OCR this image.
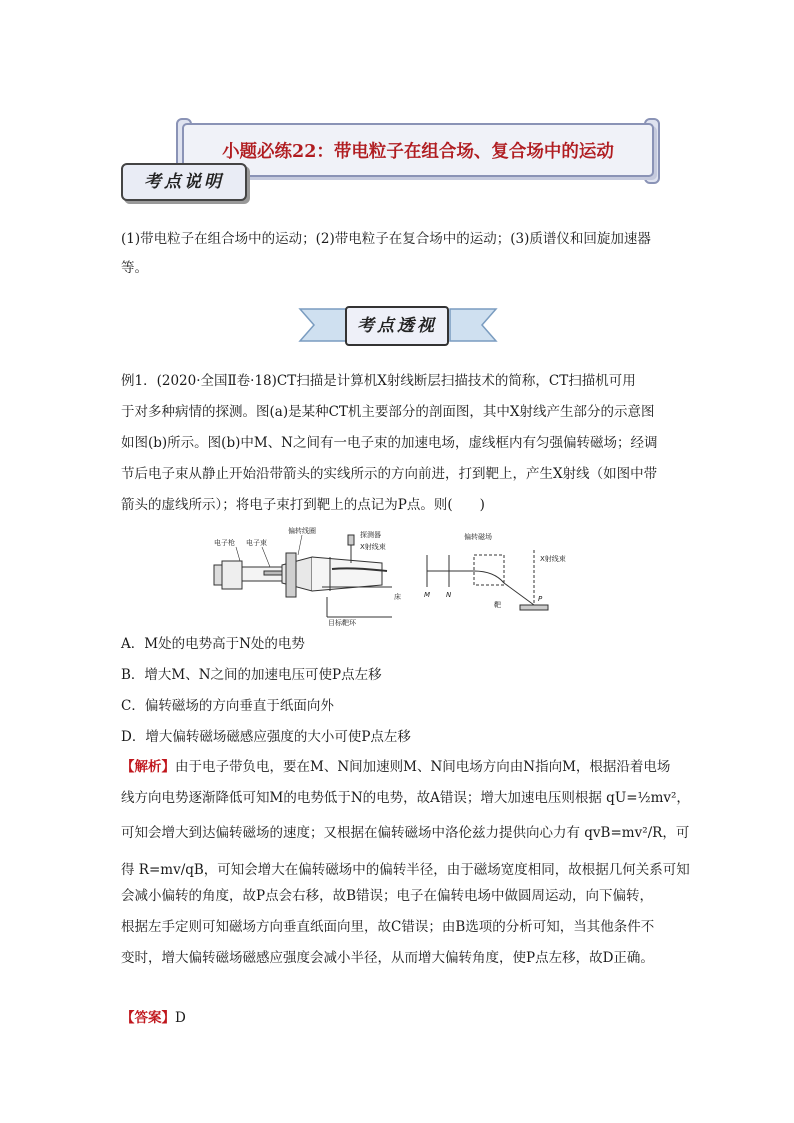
小题必练22：带电粒子在组合场、复合场中的运动
考点说明
(1)带电粒子在组合场中的运动；(2)带电粒子在复合场中的运动；(3)质谱仪和回旋加速器
等。
考点透视
例1．(2020·全国Ⅱ卷·18)CT扫描是计算机X射线断层扫描技术的简称，CT扫描机可用
于对多种病情的探测。图(a)是某种CT机主要部分的剖面图，其中X射线产生部分的示意图
如图(b)所示。图(b)中M、N之间有一电子束的加速电场，虚线框内有匀强偏转磁场；经调
节后电子束从静止开始沿带箭头的实线所示的方向前进，打到靶上，产生X射线（如图中带
箭头的虚线所示）；将电子束打到靶上的点记为P点。则(　　)
电子枪 电子束
偏转线圈	探测器
X射线束
床
目标靶环
偏转磁场
X射线束
靶
M N	P
A．M处的电势高于N处的电势
B．增大M、N之间的加速电压可使P点左移
C．偏转磁场的方向垂直于纸面向外
D．增大偏转磁场磁感应强度的大小可使P点左移
【解析】由于电子带负电，要在M、N间加速则M、N间电场方向由N指向M，根据沿着电场
线方向电势逐渐降低可知M的电势低于N的电势，故A错误；增大加速电压则根据 qU=½mv²，
可知会增大到达偏转磁场的速度；又根据在偏转磁场中洛伦兹力提供向心力有 qvB=mv²/R，可
得 R=mv/qB，可知会增大在偏转磁场中的偏转半径，由于磁场宽度相同，故根据几何关系可知
会减小偏转的角度，故P点会右移，故B错误；电子在偏转电场中做圆周运动，向下偏转，
根据左手定则可知磁场方向垂直纸面向里，故C错误；由B选项的分析可知，当其他条件不
变时，增大偏转磁场磁感应强度会减小半径，从而增大偏转角度，使P点左移，故D正确。
【答案】D
